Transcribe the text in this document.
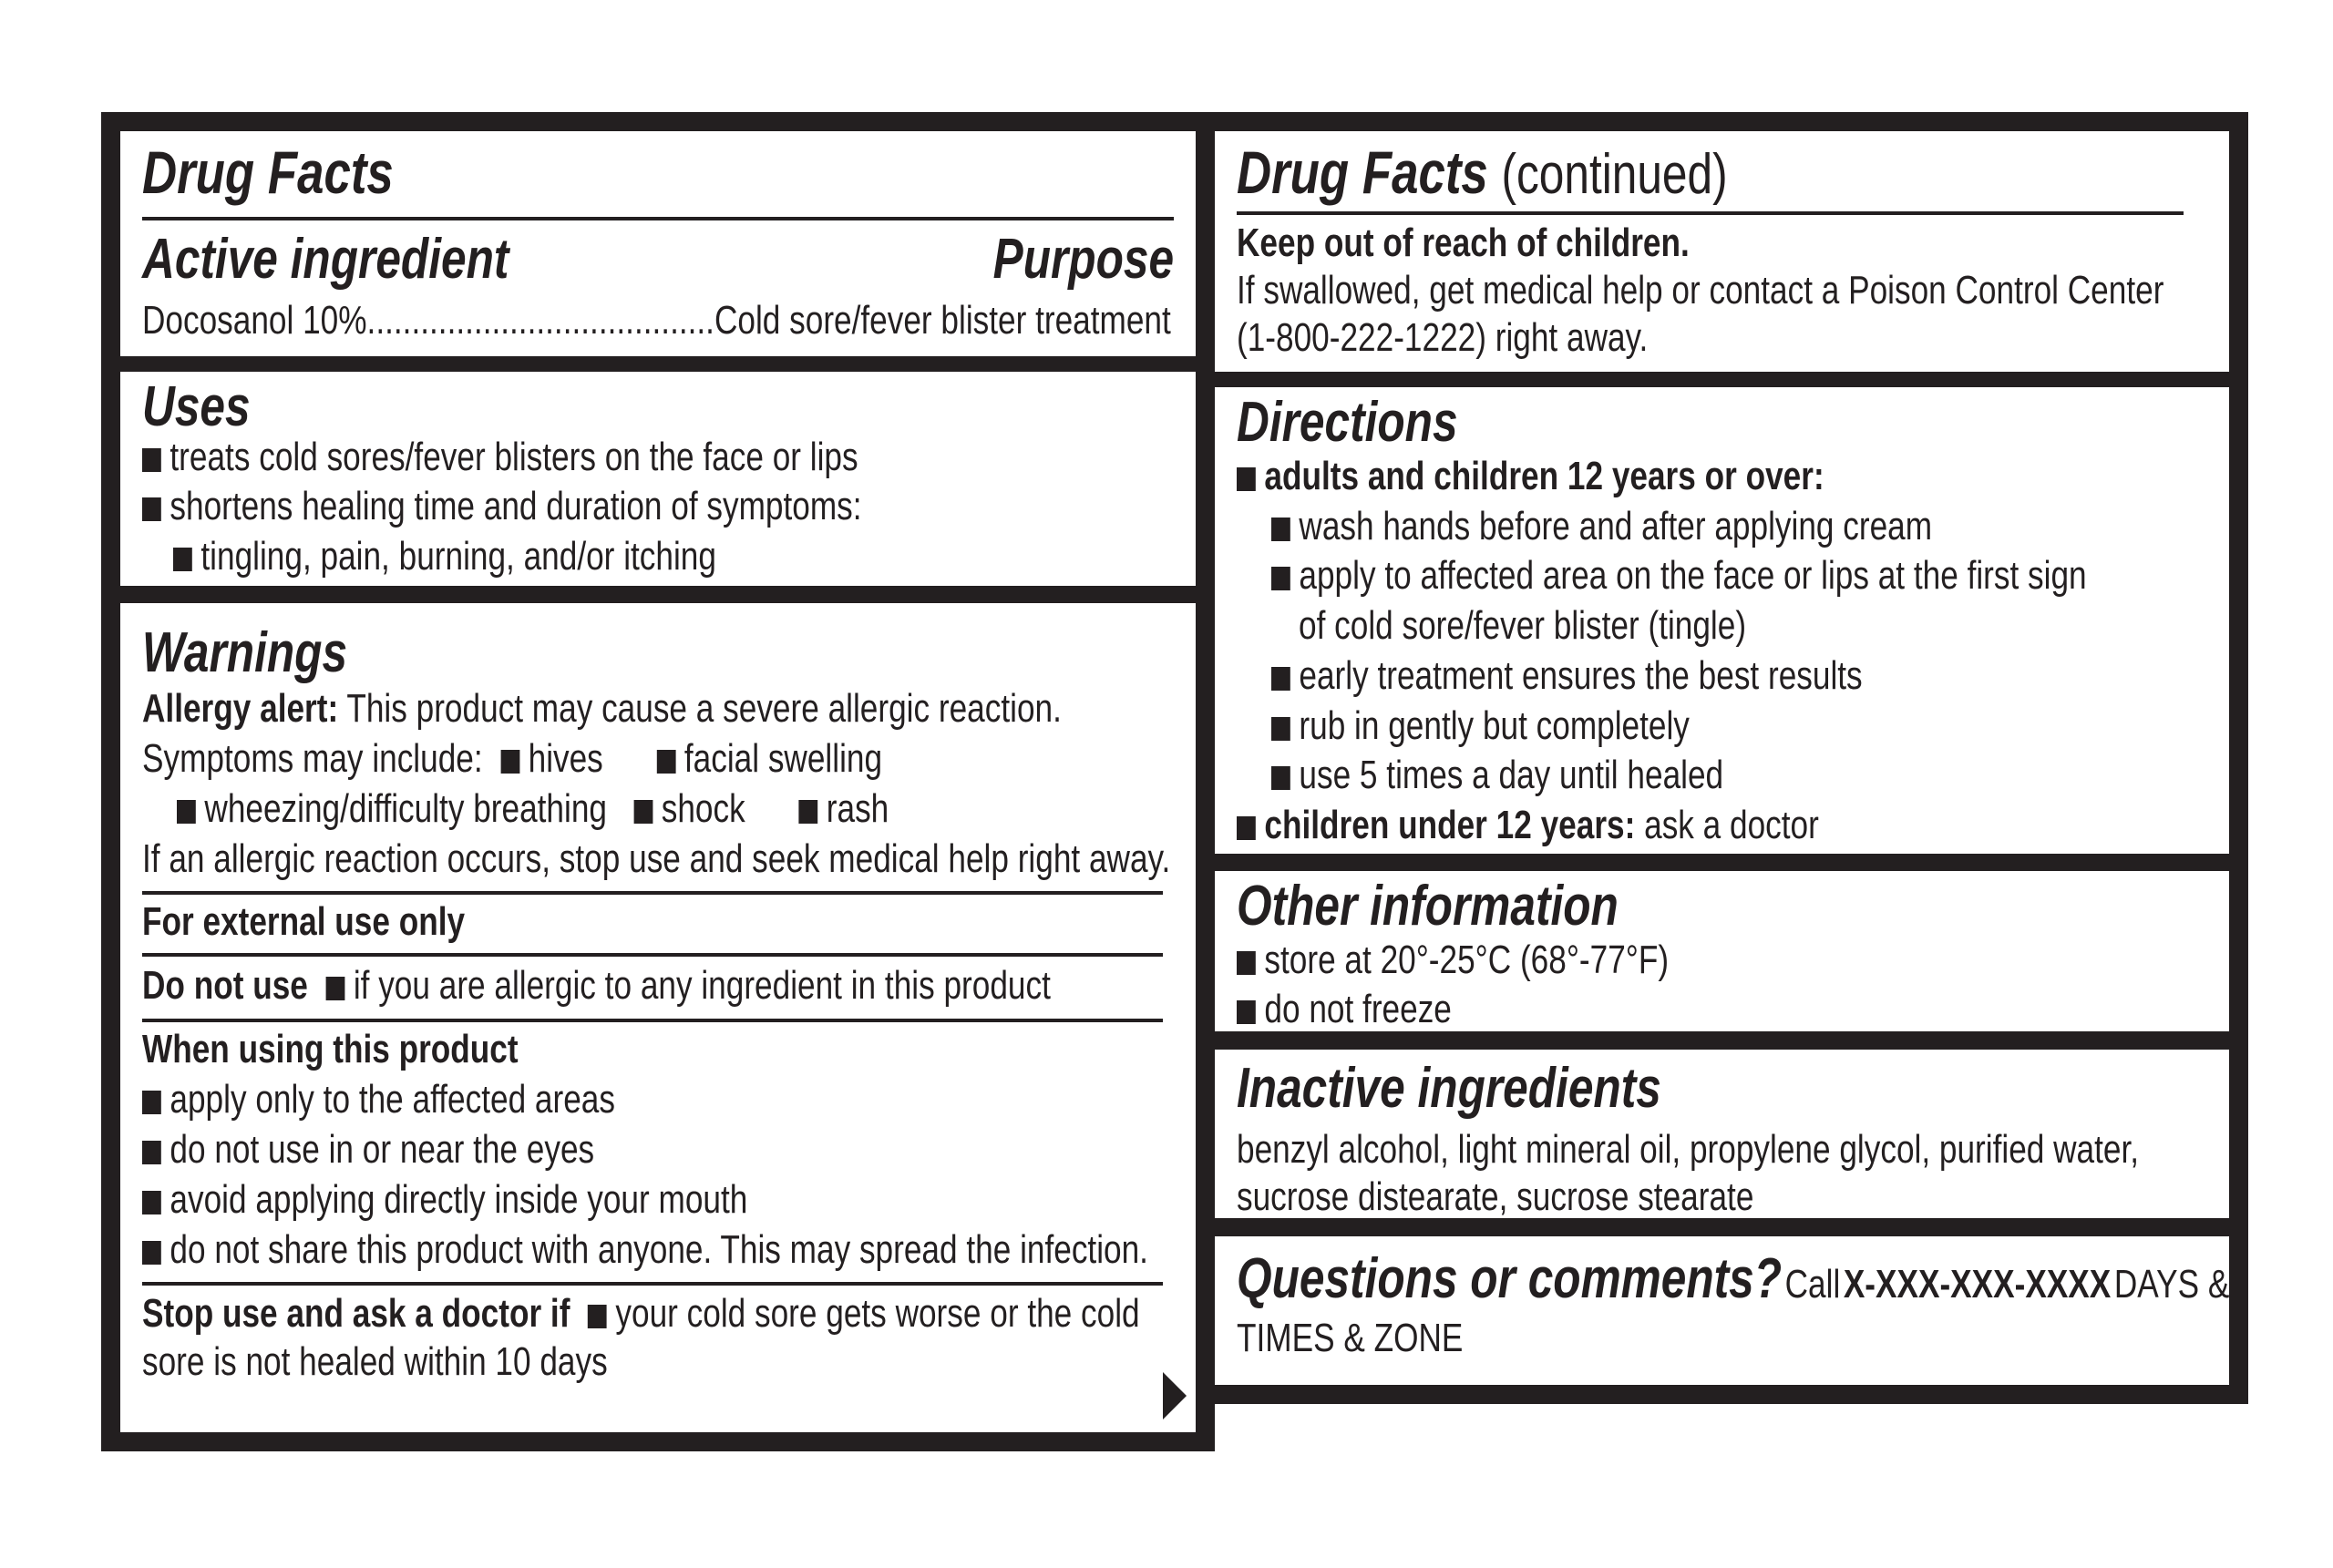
Drug Facts
Active ingredient	Purpose
Docosanol 10%.......................................Cold sore/fever blister treatment
Uses
treats cold sores/fever blisters on the face or lips
shortens healing time and duration of symptoms:
tingling, pain, burning, and/or itching
Warnings
Allergy alert: This product may cause a severe allergic reaction.
Symptoms may include: hives facial swelling
wheezing/difficulty breathing shock rash
If an allergic reaction occurs, stop use and seek medical help right away.
For external use only
Do not use if you are allergic to any ingredient in this product
When using this product
apply only to the affected areas
do not use in or near the eyes
avoid applying directly inside your mouth
do not share this product with anyone. This may spread the infection.
Stop use and ask a doctor if your cold sore gets worse or the cold
sore is not healed within 10 days
Drug Facts (continued)
Keep out of reach of children.
If swallowed, get medical help or contact a Poison Control Center
(1-800-222-1222) right away.
Directions
adults and children 12 years or over:
wash hands before and after applying cream
apply to affected area on the face or lips at the first sign
of cold sore/fever blister (tingle)
early treatment ensures the best results
rub in gently but completely
use 5 times a day until healed
children under 12 years: ask a doctor
Other information
store at 20°-25°C (68°-77°F)
do not freeze
Inactive ingredients
benzyl alcohol, light mineral oil, propylene glycol, purified water,
sucrose distearate, sucrose stearate
Questions or comments? Call X-XXX-XXX-XXXX DAYS &
TIMES & ZONE
